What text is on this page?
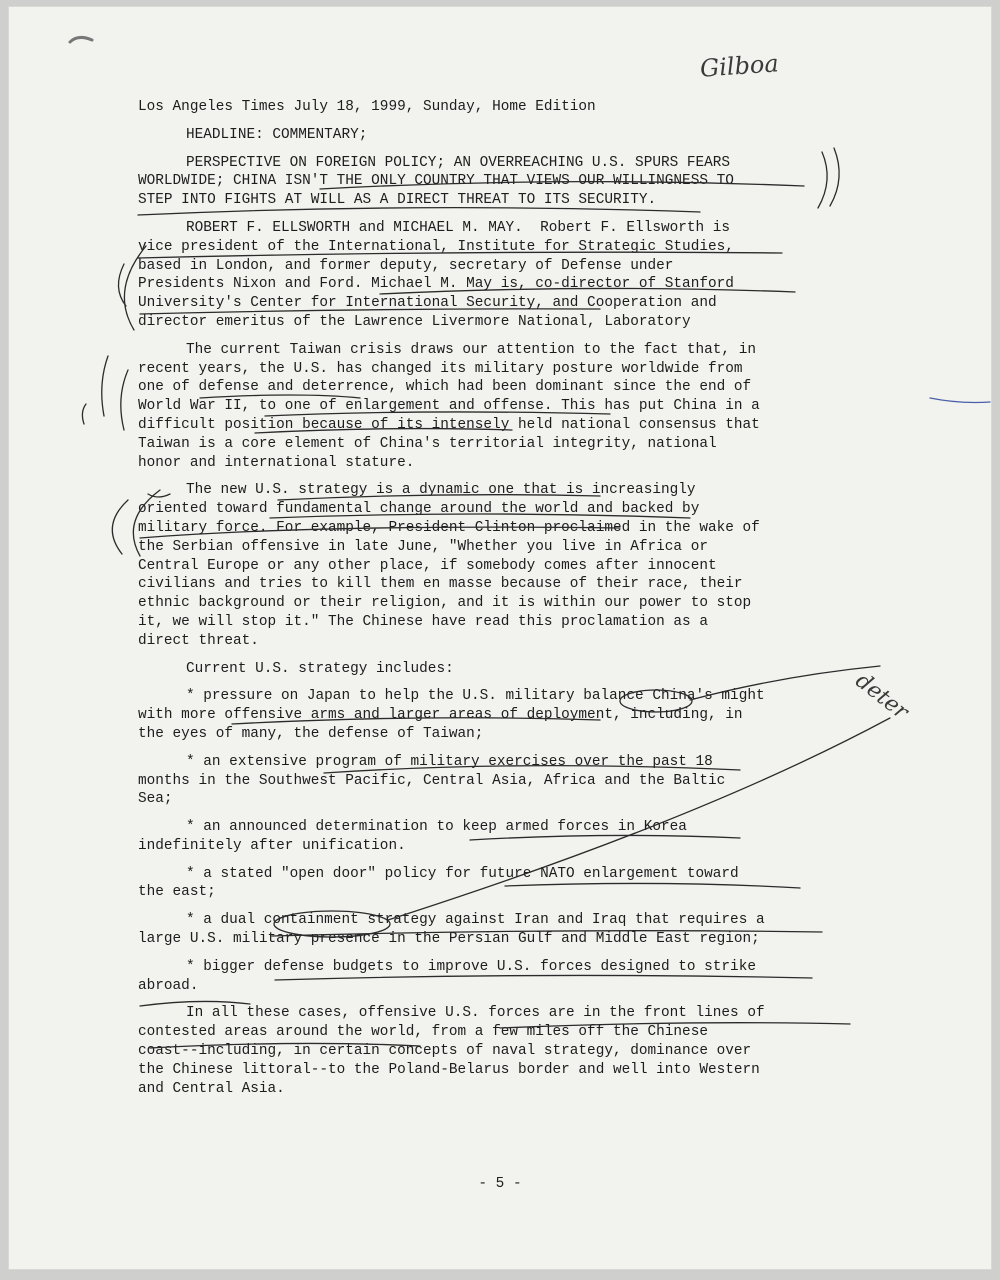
Gilboa
deter

Los Angeles Times July 18, 1999, Sunday, Home Edition

HEADLINE: COMMENTARY;

PERSPECTIVE ON FOREIGN POLICY; AN OVERREACHING U.S. SPURS FEARS
WORLDWIDE; CHINA ISN'T THE ONLY COUNTRY THAT VIEWS OUR WILLINGNESS TO
STEP INTO FIGHTS AT WILL AS A DIRECT THREAT TO ITS SECURITY.

ROBERT F. ELLSWORTH and MICHAEL M. MAY.  Robert F. Ellsworth is
vice president of the International, Institute for Strategic Studies,
based in London, and former deputy, secretary of Defense under
Presidents Nixon and Ford. Michael M. May is, co-director of Stanford
University's Center for International Security, and Cooperation and
director emeritus of the Lawrence Livermore National, Laboratory

The current Taiwan crisis draws our attention to the fact that, in
recent years, the U.S. has changed its military posture worldwide from
one of defense and deterrence, which had been dominant since the end of
World War II, to one of enlargement and offense. This has put China in a
difficult position because of its intensely held national consensus that
Taiwan is a core element of China's territorial integrity, national
honor and international stature.

The new U.S. strategy is a dynamic one that is increasingly
oriented toward fundamental change around the world and backed by
military force. For example, President Clinton proclaimed in the wake of
the Serbian offensive in late June, "Whether you live in Africa or
Central Europe or any other place, if somebody comes after innocent
civilians and tries to kill them en masse because of their race, their
ethnic background or their religion, and it is within our power to stop
it, we will stop it." The Chinese have read this proclamation as a
direct threat.

Current U.S. strategy includes:

* pressure on Japan to help the U.S. military balance China's might
with more offensive arms and larger areas of deployment, including, in
the eyes of many, the defense of Taiwan;

* an extensive program of military exercises over the past 18
months in the Southwest Pacific, Central Asia, Africa and the Baltic
Sea;

* an announced determination to keep armed forces in Korea
indefinitely after unification.

* a stated "open door" policy for future NATO enlargement toward
the east;

* a dual containment strategy against Iran and Iraq that requires a
large U.S. military presence in the Persian Gulf and Middle East region;

* bigger defense budgets to improve U.S. forces designed to strike
abroad.

In all these cases, offensive U.S. forces are in the front lines of
contested areas around the world, from a few miles off the Chinese
coast--including, in certain concepts of naval strategy, dominance over
the Chinese littoral--to the Poland-Belarus border and well into Western
and Central Asia.

- 5 -
